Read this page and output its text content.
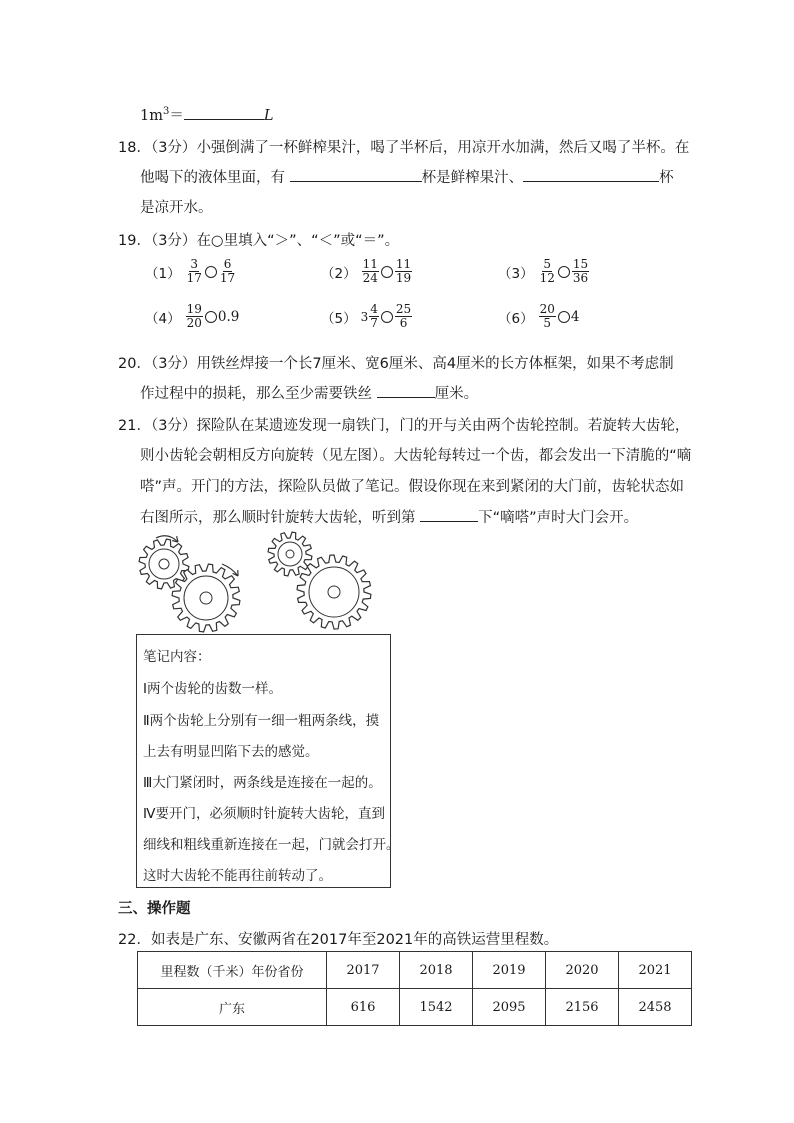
$1m^3=$	L
18．（3分）小强倒满了一杯鲜榨果汁，喝了半杯后，用凉开水加满，然后又喝了半杯。在
他喝下的液体里面，有	杯是鲜榨果汁、	杯
是凉开水。
19．（3分）在○里填入“＞”、“＜”或“＝”。
$(1) \frac{3}{17} \frac{6}{17}$	$(2) \frac{11}{24} \frac{11}{19}$	$(3) \frac{5}{12} \frac{15}{36}$
$(4) \frac{19}{20} 0.9$	（5） $3 \frac{4}{7} \frac{25}{6}$	$(6) \frac{20}{5} 4$
20．（3分）用铁丝焊接一个长7厘米、宽6厘米、高4厘米的长方体框架，如果不考虑制
作过程中的损耗，那么至少需要铁丝	厘米。
21．（3分）探险队在某遗迹发现一扇铁门，门的开与关由两个齿轮控制。若旋转大齿轮，
则小齿轮会朝相反方向旋转（见左图）。大齿轮每转过一个齿，都会发出一下清脆的“嘀
嗒”声。开门的方法，探险队员做了笔记。假设你现在来到紧闭的大门前，齿轮状态如
右图所示，那么顺时针旋转大齿轮，听到第	下“嘀嗒”声时大门会开。
笔记内容：
Ⅰ两个齿轮的齿数一样。
Ⅱ两个齿轮上分别有一细一粗两条线，摸
上去有明显凹陷下去的感觉。
Ⅲ大门紧闭时，两条线是连接在一起的。
Ⅳ要开门，必须顺时针旋转大齿轮，直到
细线和粗线重新连接在一起，门就会打开。
这时大齿轮不能再往前转动了。
三、操作题
22．如表是广东、安徽两省在2017年至2021年的高铁运营里程数。
里程数（千米）年份省份	2017	2018	2019	2020	2021
广东	616	1542	2095	2156	2458
